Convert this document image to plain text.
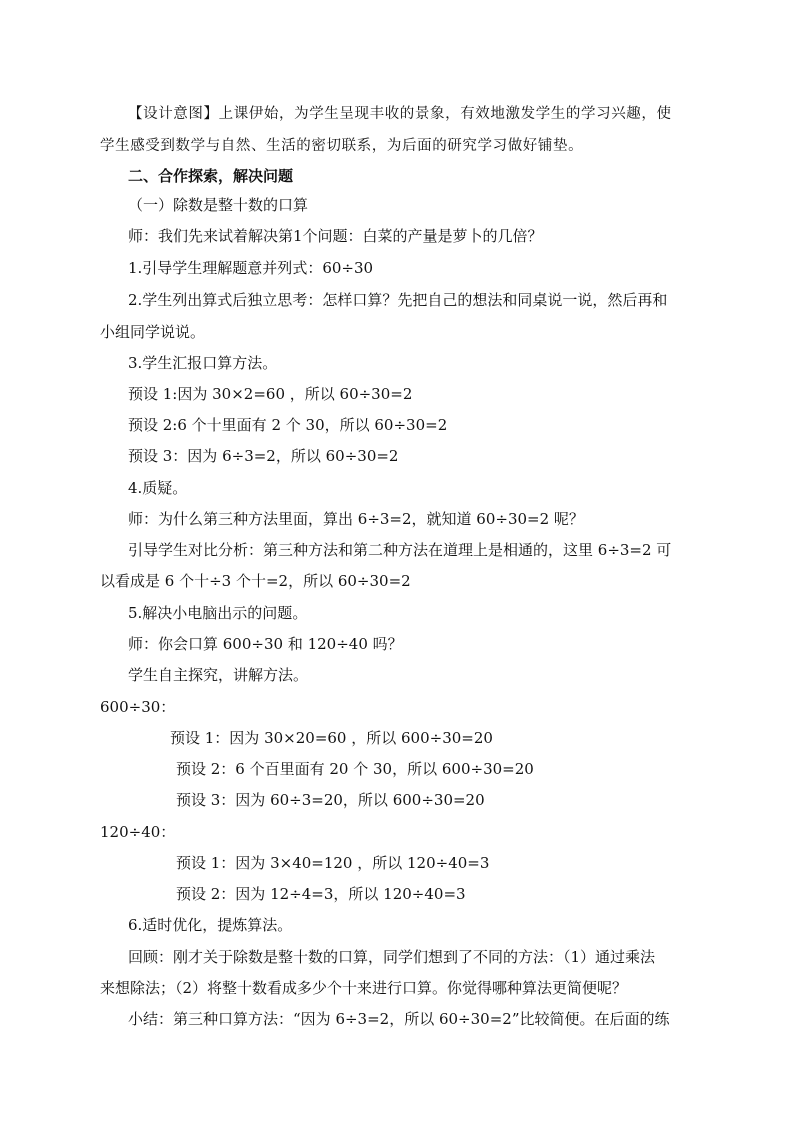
【设计意图】上课伊始，为学生呈现丰收的景象，有效地激发学生的学习兴趣，使
学生感受到数学与自然、生活的密切联系，为后面的研究学习做好铺垫。
二、合作探索，解决问题
（一）除数是整十数的口算
师：我们先来试着解决第1个问题：白菜的产量是萝卜的几倍？
1.引导学生理解题意并列式：60÷30
2.学生列出算式后独立思考：怎样口算？先把自己的想法和同桌说一说，然后再和
小组同学说说。
3.学生汇报口算方法。
预设 1:因为 30×2=60 ，所以 60÷30=2
预设 2:6 个十里面有 2 个 30，所以 60÷30=2
预设 3：因为 6÷3=2，所以 60÷30=2
4.质疑。
师：为什么第三种方法里面，算出 6÷3=2，就知道 60÷30=2 呢？
引导学生对比分析：第三种方法和第二种方法在道理上是相通的，这里 6÷3=2 可
以看成是 6 个十÷3 个十=2，所以 60÷30=2
5.解决小电脑出示的问题。
师：你会口算 600÷30 和 120÷40 吗？
学生自主探究，讲解方法。
600÷30：
预设 1：因为 30×20=60 ，所以 600÷30=20
预设 2：6 个百里面有 20 个 30，所以 600÷30=20
预设 3：因为 60÷3=20，所以 600÷30=20
120÷40：
预设 1：因为 3×40=120 ，所以 120÷40=3
预设 2：因为 12÷4=3，所以 120÷40=3
6.适时优化，提炼算法。
回顾：刚才关于除数是整十数的口算，同学们想到了不同的方法：（1）通过乘法
来想除法；（2）将整十数看成多少个十来进行口算。你觉得哪种算法更简便呢？
小结：第三种口算方法：“因为 6÷3=2，所以 60÷30=2”比较简便。在后面的练
